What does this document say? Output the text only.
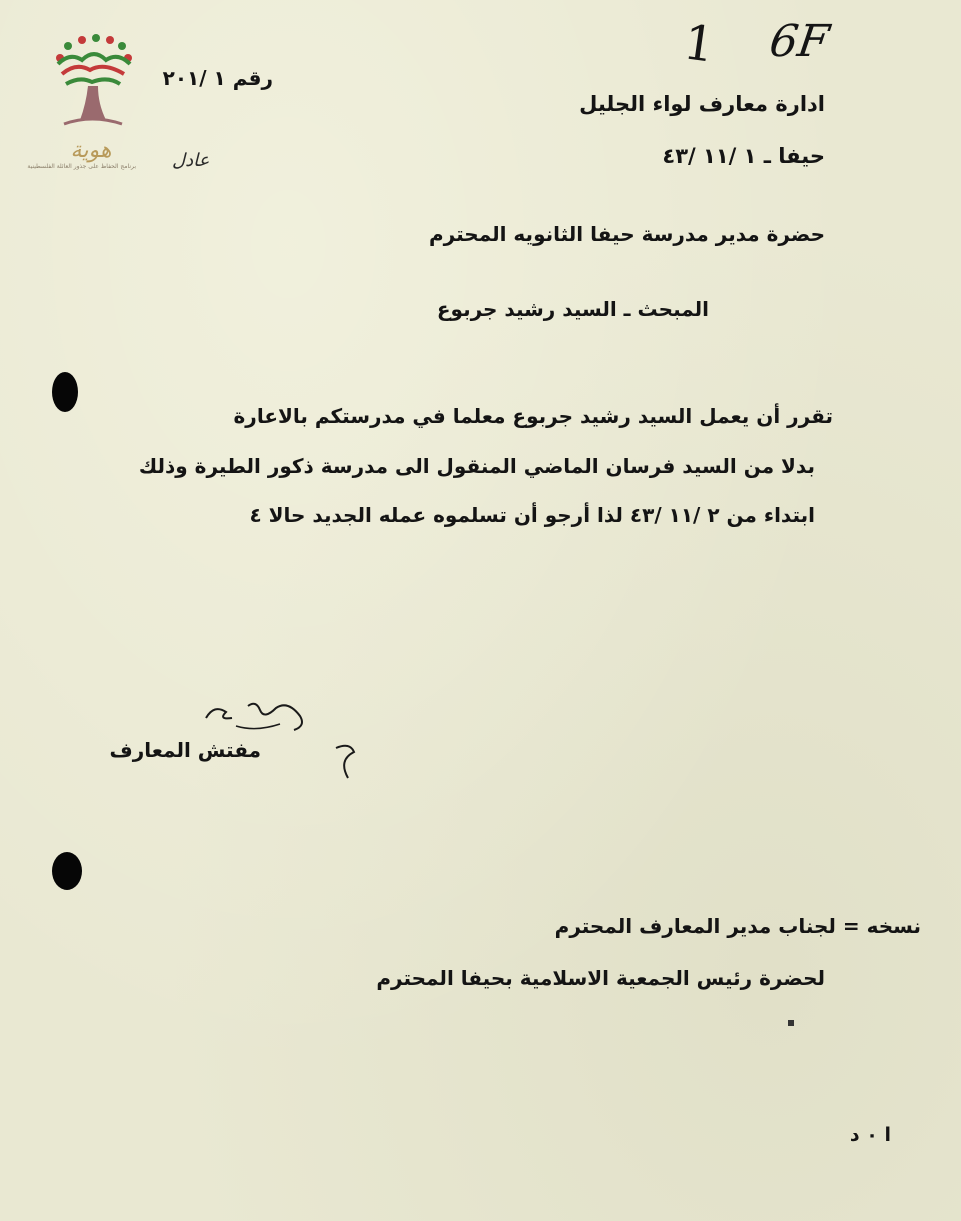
1 6F
هوية
برنامج الحفاظ على جذور العائلة الفلسطينية
رقم ١ /٢٠١
عادل
ادارة معارف لواء الجليل
حيفا ـ ١ /١١ /٤٣
حضرة مدير مدرسة حيفا الثانويه المحترم
المبحث ـ السيد رشيد جربوع
تقرر أن يعمل السيد رشيد جربوع معلما في مدرستكم بالاعارة
بدلا من السيد فرسان الماضي المنقول الى مدرسة ذكور الطيرة وذلك
ابتداء من ٢ /١١ /٤٣ لذا أرجو أن تسلموه عمله الجديد حالا ٤
مفتش المعارف
نسخه = لجناب مدير المعارف المحترم
لحضرة رئيس الجمعية الاسلامية بحيفا المحترم
ا ٠ د
